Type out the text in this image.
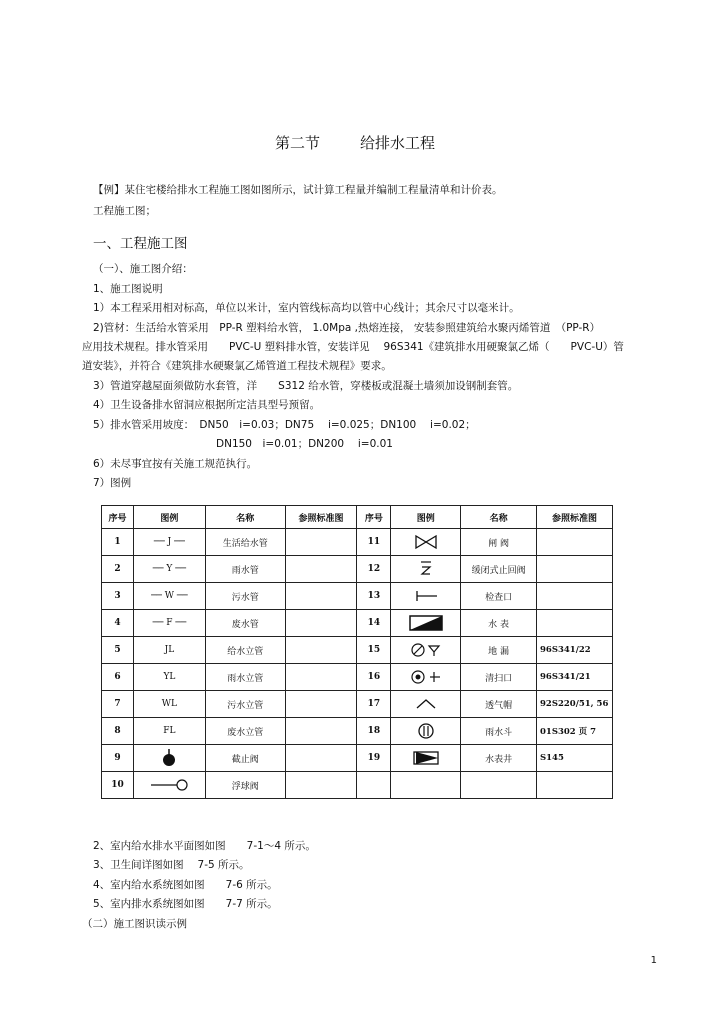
第二节	给排水工程
【例】某住宅楼给排水工程施工图如图所示，试计算工程量并编制工程量清单和计价表。
工程施工图；
一、工程施工图
（一）、施工图介绍：
1、施工图说明
1）本工程采用相对标高，单位以米计，室内管线标高均以管中心线计；其余尺寸以毫米计。
2)管材：生活给水管采用　PP-R 塑料给水管， 1.0Mpa ,热熔连接， 安装参照建筑给水聚丙烯管道　（PP-R）
应用技术规程。排水管采用　　PVC-U 塑料排水管，安装详见　 96S341《建筑排水用硬聚氯乙烯（　　PVC-U）管
道安装》，并符合《建筑排水硬聚氯乙烯管道工程技术规程》要求。
3）管道穿越屋面须做防水套管，洋　　S312 给水管，穿楼板或混凝土墙须加设钢制套管。
4）卫生设备排水留洞应根据所定洁具型号预留。
5）排水管采用坡度：　DN50　i=0.03；DN75　 i=0.025；DN100　 i=0.02；
DN150　i=0.01；DN200　 i=0.01
6）未尽事宜按有关施工规范执行。
7）图例
序号	图例	名称	参照标准图	序号	图例	名称	参照标准图
1	── J ──	生活给水管		11		闸 阀	
2	── Y ──	雨水管		12		缓闭式止回阀	
3	── W ──	污水管		13		检查口	
4	── F ──	废水管		14		水 表	
5	JL	给水立管		15		地 漏	96S341/22
6	YL	雨水立管		16		清扫口	96S341/21
7	WL	污水立管		17		透气帽	92S220/51, 56
8	FL	废水立管		18		雨水斗	01S302 页 7
9		截止阀		19		水表井	S145
10		浮球阀					
2、室内给水排水平面图如图　　7-1～4 所示。
3、卫生间详图如图　 7-5 所示。
4、室内给水系统图如图　　7-6 所示。
5、室内排水系统图如图　　7-7 所示。
（二）施工图识读示例
1
